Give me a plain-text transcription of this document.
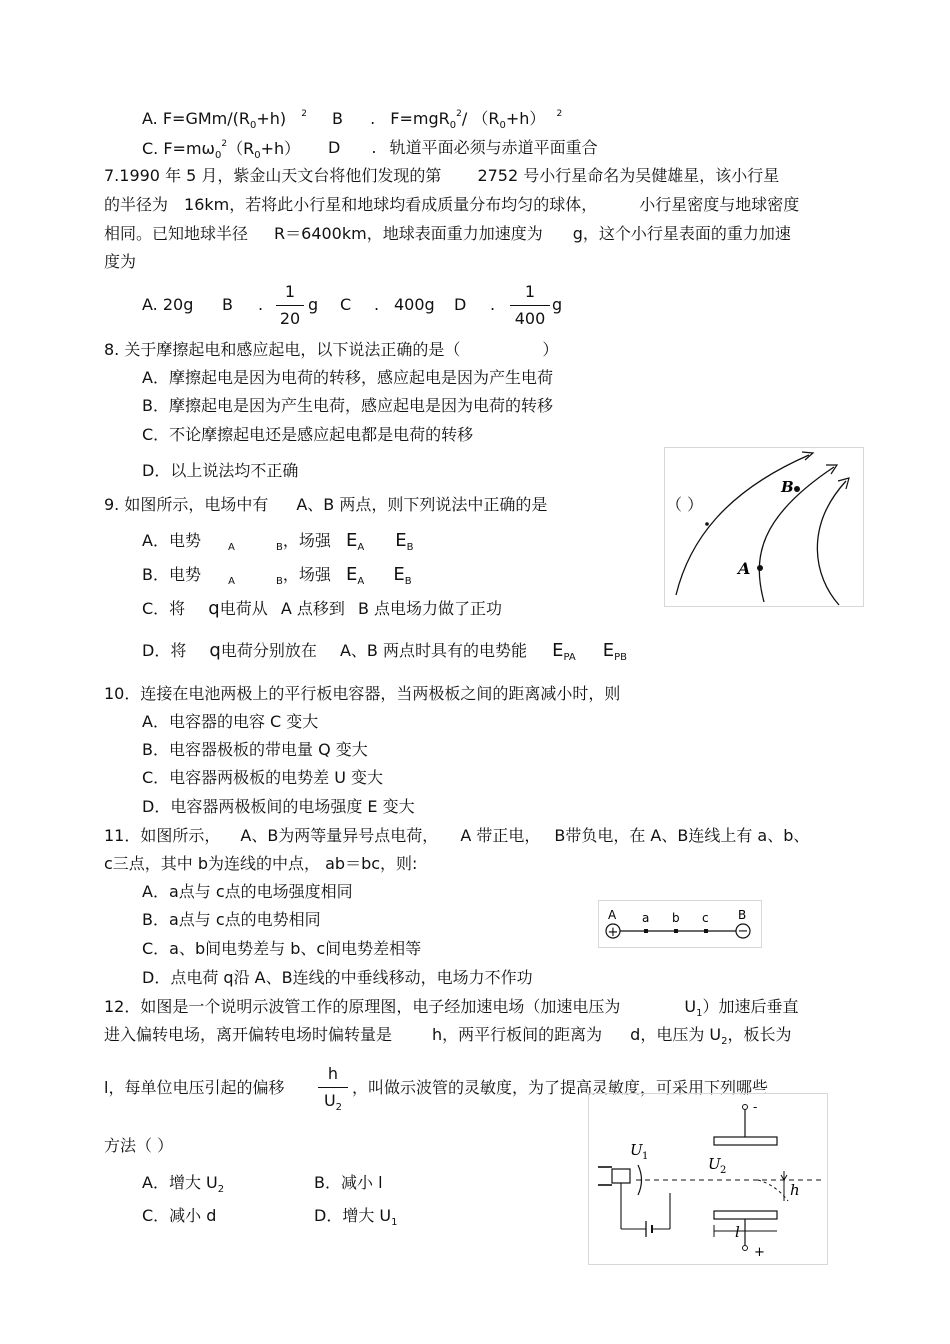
A. $F=GMm/(R_0+h)$ $^2$ B . F=mgR$_0^2$/ $(R_0+h)$ $^2$
C. $F=m\omega_0^2(R_0+h)$ D . 轨道平面必须与赤道平面重合
7.1990 年 5 月，紫金山天文台将他们发现的第 2752 号小行星命名为吴健雄星，该小行星
的半径为 16km，若将此小行星和地球均看成质量分布均匀的球体，	小行星密度与地球密度
相同。已知地球半径 R＝6400km，地球表面重力加速度为 g，这个小行星表面的重力加速
度为
A. 20g B .
1
20
g C . 400g D .
1
400
g
8. 关于摩擦起电和感应起电，以下说法正确的是（	）
A．摩擦起电是因为电荷的转移，感应起电是因为产生电荷
B．摩擦起电是因为产生电荷，感应起电是因为电荷的转移
C．不论摩擦起电还是感应起电都是电荷的转移
D．以上说法均不正确
9. 如图所示，电场中有 A、B 两点，则下列说法中正确的是	（ ）
A．电势	$_A$	$_B$，场强 $E_A$ $E_B$
B．电势	$_A$	$_B$，场强 $E_A$ $E_B$
C．将 q电荷从 A 点移到 B 点电场力做了正功
D．将 q电荷分别放在 A、B 两点时具有的电势能 $E_{PA}$ $E_{PB}$
A
B
10．连接在电池两极上的平行板电容器，当两极板之间的距离减小时，则
A．电容器的电容 C 变大
B．电容器极板的带电量 Q 变大
C．电容器两极板的电势差 U 变大
D．电容器两极板间的电场强度 E 变大
11．如图所示， A、B为两等量异号点电荷， A 带正电， B带负电，在 A、B连线上有 a、b、
c三点，其中 b为连线的中点， ab＝bc，则:
A．a点与 c点的电场强度相同
B．a点与 c点的电势相同
C．a、b间电势差与 b、c间电势差相等
D．点电荷 q沿 A、B连线的中垂线移动，电场力不作功
+	−
A a b c B
12．如图是一个说明示波管工作的原理图，电子经加速电场（加速电压为	$U_1$）加速后垂直
进入偏转电场，离开偏转电场时偏转量是	h，两平行板间的距离为 d，电压为 $U_2$，板长为
l，每单位电压引起的偏移
h
$U_2$
，叫做示波管的灵敏度，为了提高灵敏度，可采用下列哪些
方法（ ）
A．增大 $U_2$	B．减小 l
C．减小 d	D．增大 $U_1$
-
U 2
+
l
h
U 1
